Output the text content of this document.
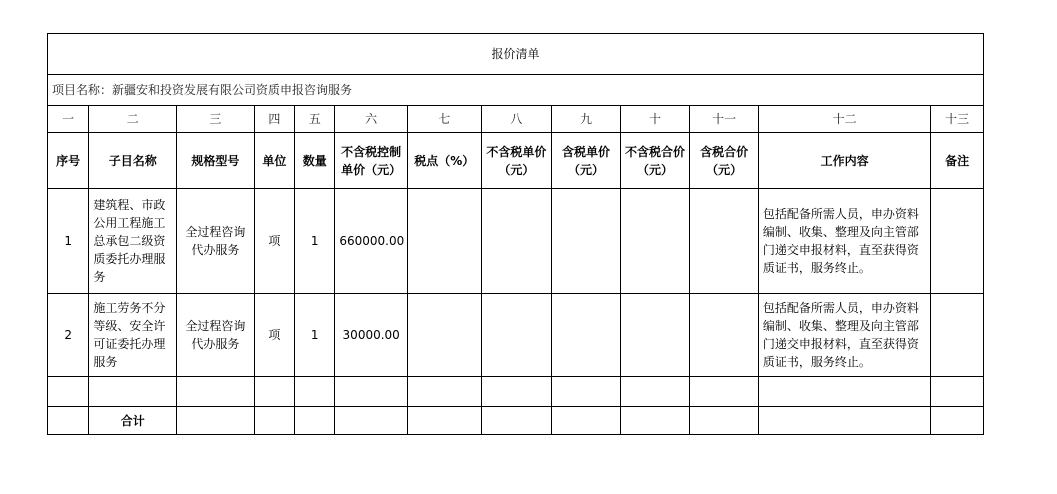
报价清单												
项目名称：新疆安和投资发展有限公司资质申报咨询服务												
一	二	三	四	五	六	七	八	九	十	十一	十二	十三
序号	子目名称	规格型号	单位	数量	不含税控制单价（元）	税点（%）	不含税单价（元）	含税单价（元）	不含税合价（元）	含税合价（元）	工作内容	备注
1	建筑程、市政公用工程施工总承包二级资质委托办理服务	全过程咨询代办服务	项	1	660000.00						包括配备所需人员，申办资料编制、收集、整理及向主管部门递交申报材料，直至获得资质证书，服务终止。	
2	施工劳务不分等级、安全许可证委托办理服务	全过程咨询代办服务	项	1	30000.00						包括配备所需人员，申办资料编制、收集、整理及向主管部门递交申报材料，直至获得资质证书，服务终止。	

	合计											
